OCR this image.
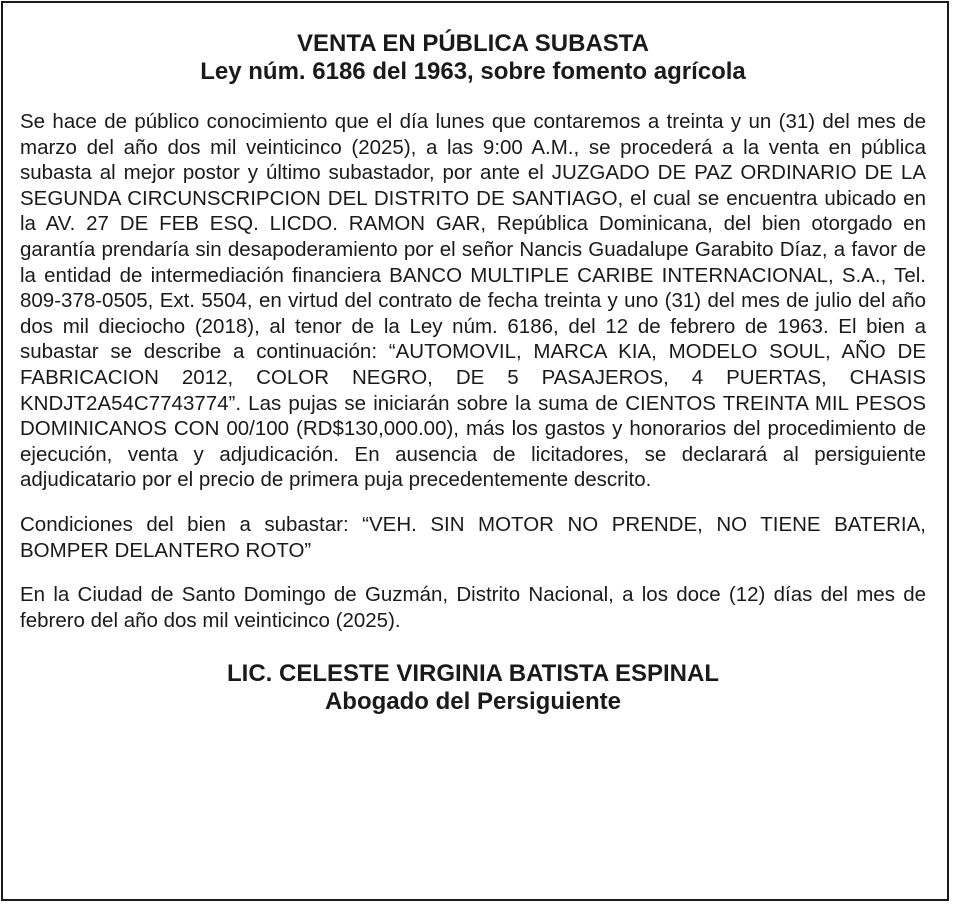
VENTA EN PÚBLICA SUBASTA

Ley núm. 6186 del 1963, sobre fomento agrícola

Se hace de público conocimiento que el día lunes que contaremos a treinta y un (31) del mes de marzo del año dos mil veinticinco (2025), a las 9:00 A.M., se procederá a la venta en pública subasta al mejor postor y último subastador, por ante el JUZGADO DE PAZ ORDINARIO DE LA SEGUNDA CIRCUNSCRIPCION DEL DISTRITO DE SANTIAGO, el cual se encuentra ubicado en la AV. 27 DE FEB ESQ. LICDO. RAMON GAR, República Dominicana, del bien otorgado en garantía prendaría sin desapoderamiento por el señor Nancis Guadalupe Garabito Díaz, a favor de la entidad de intermediación financiera BANCO MULTIPLE CARIBE INTERNACIONAL, S.A., Tel. 809-378-0505, Ext. 5504, en virtud del contrato de fecha treinta y uno (31) del mes de julio del año dos mil dieciocho (2018), al tenor de la Ley núm. 6186, del 12 de febrero de 1963. El bien a subastar se describe a continuación: “AUTOMOVIL, MARCA KIA, MODELO SOUL, AÑO DE FABRICACION 2012, COLOR NEGRO, DE 5 PASAJEROS, 4 PUERTAS, CHASIS KNDJT2A54C7743774”. Las pujas se iniciarán sobre la suma de CIENTOS TREINTA MIL PESOS DOMINICANOS CON 00/100 (RD$130,000.00), más los gastos y honorarios del procedimiento de ejecución, venta y adjudicación. En ausencia de licitadores, se declarará al persiguiente adjudicatario por el precio de primera puja precedentemente descrito.

Condiciones del bien a subastar: “VEH. SIN MOTOR NO PRENDE, NO TIENE BATERIA, BOMPER DELANTERO ROTO”

En la Ciudad de Santo Domingo de Guzmán, Distrito Nacional, a los doce (12) días del mes de febrero del año dos mil veinticinco (2025).

LIC. CELESTE VIRGINIA BATISTA ESPINAL
Abogado del Persiguiente
